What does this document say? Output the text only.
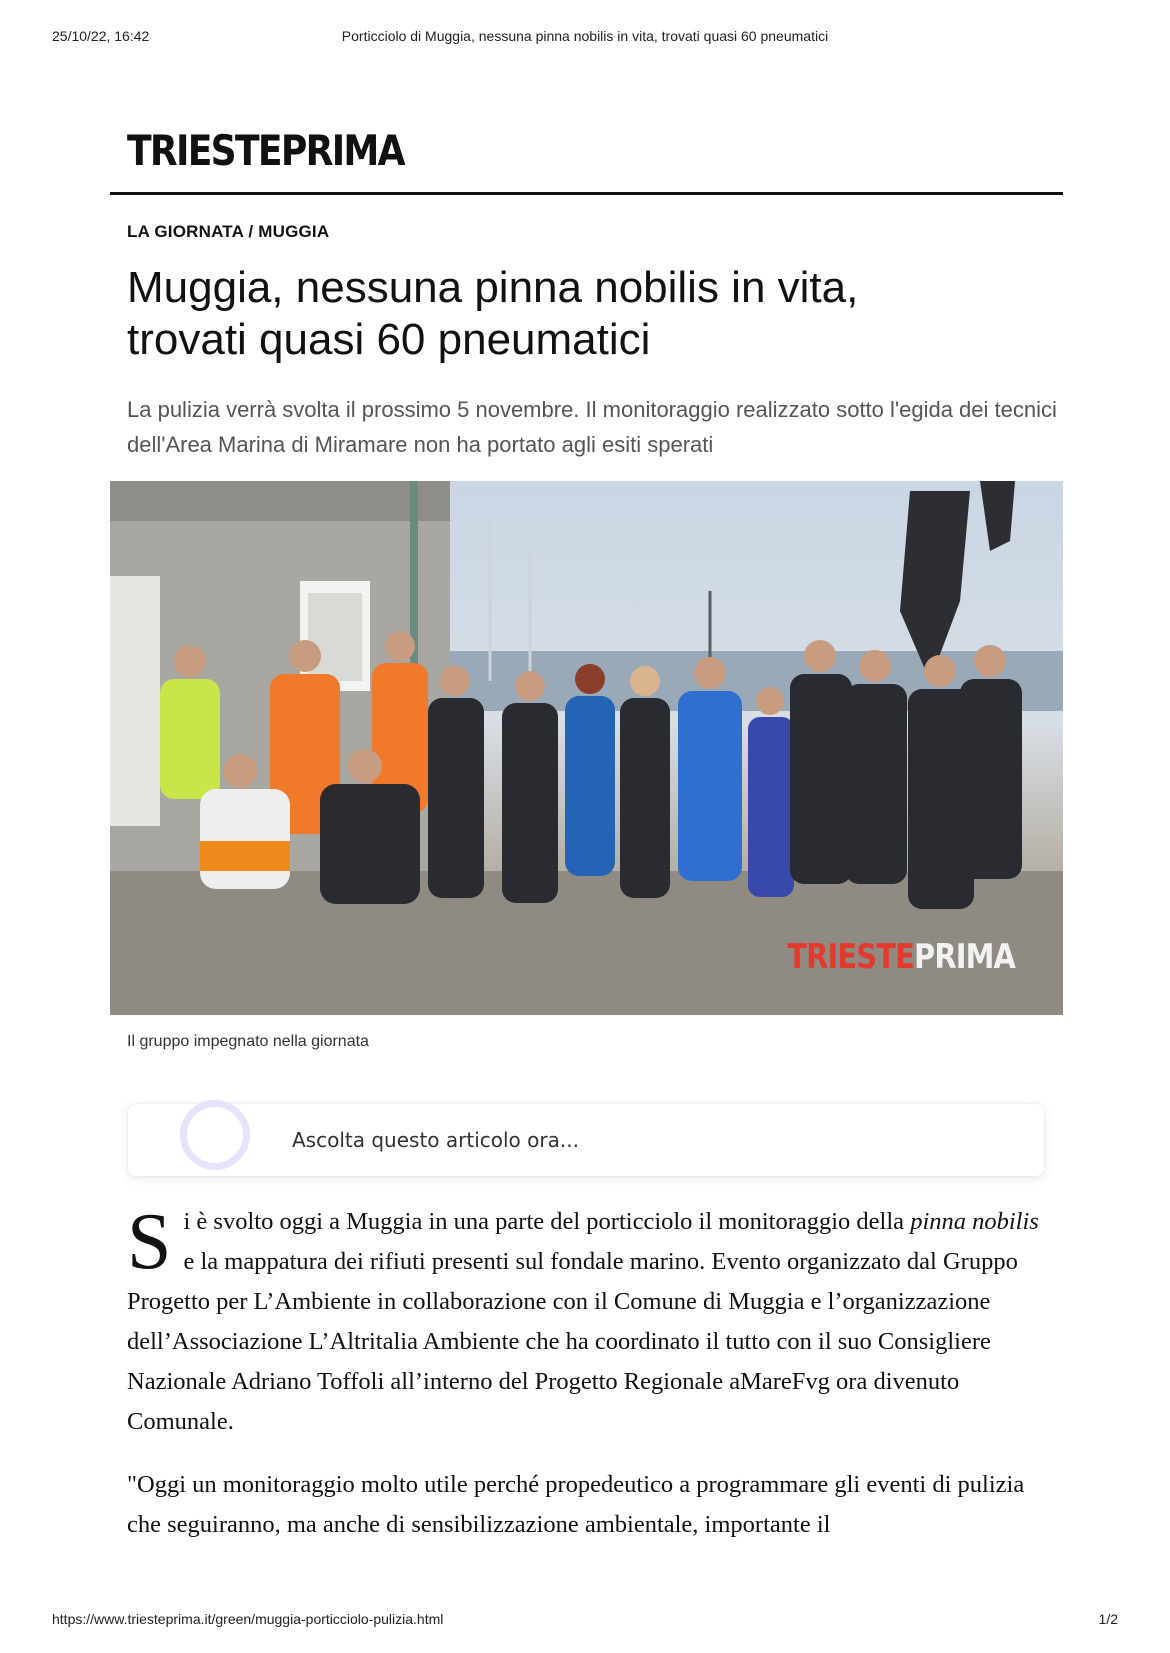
25/10/22, 16:42	Porticciolo di Muggia, nessuna pinna nobilis in vita, trovati quasi 60 pneumatici
TRIESTEPRIMA
LA GIORNATA / MUGGIA
Muggia, nessuna pinna nobilis in vita,
trovati quasi 60 pneumatici
La pulizia verrà svolta il prossimo 5 novembre. Il monitoraggio realizzato sotto l'egida dei tecnici dell'Area Marina di Miramare non ha portato agli esiti sperati
TRIESTEPRIMA
Il gruppo impegnato nella giornata
Ascolta questo articolo ora...
Si è svolto oggi a Muggia in una parte del porticciolo il monitoraggio della pinna nobilis e la mappatura dei rifiuti presenti sul fondale marino. Evento organizzato dal Gruppo Progetto per L’Ambiente in collaborazione con il Comune di Muggia e l’organizzazione dell’Associazione L’Altritalia Ambiente che ha coordinato il tutto con il suo Consigliere Nazionale Adriano Toffoli all’interno del Progetto Regionale aMareFvg ora divenuto Comunale.
"Oggi un monitoraggio molto utile perché propedeutico a programmare gli eventi di pulizia che seguiranno, ma anche di sensibilizzazione ambientale, importante il
https://www.triesteprima.it/green/muggia-porticciolo-pulizia.html	1/2
